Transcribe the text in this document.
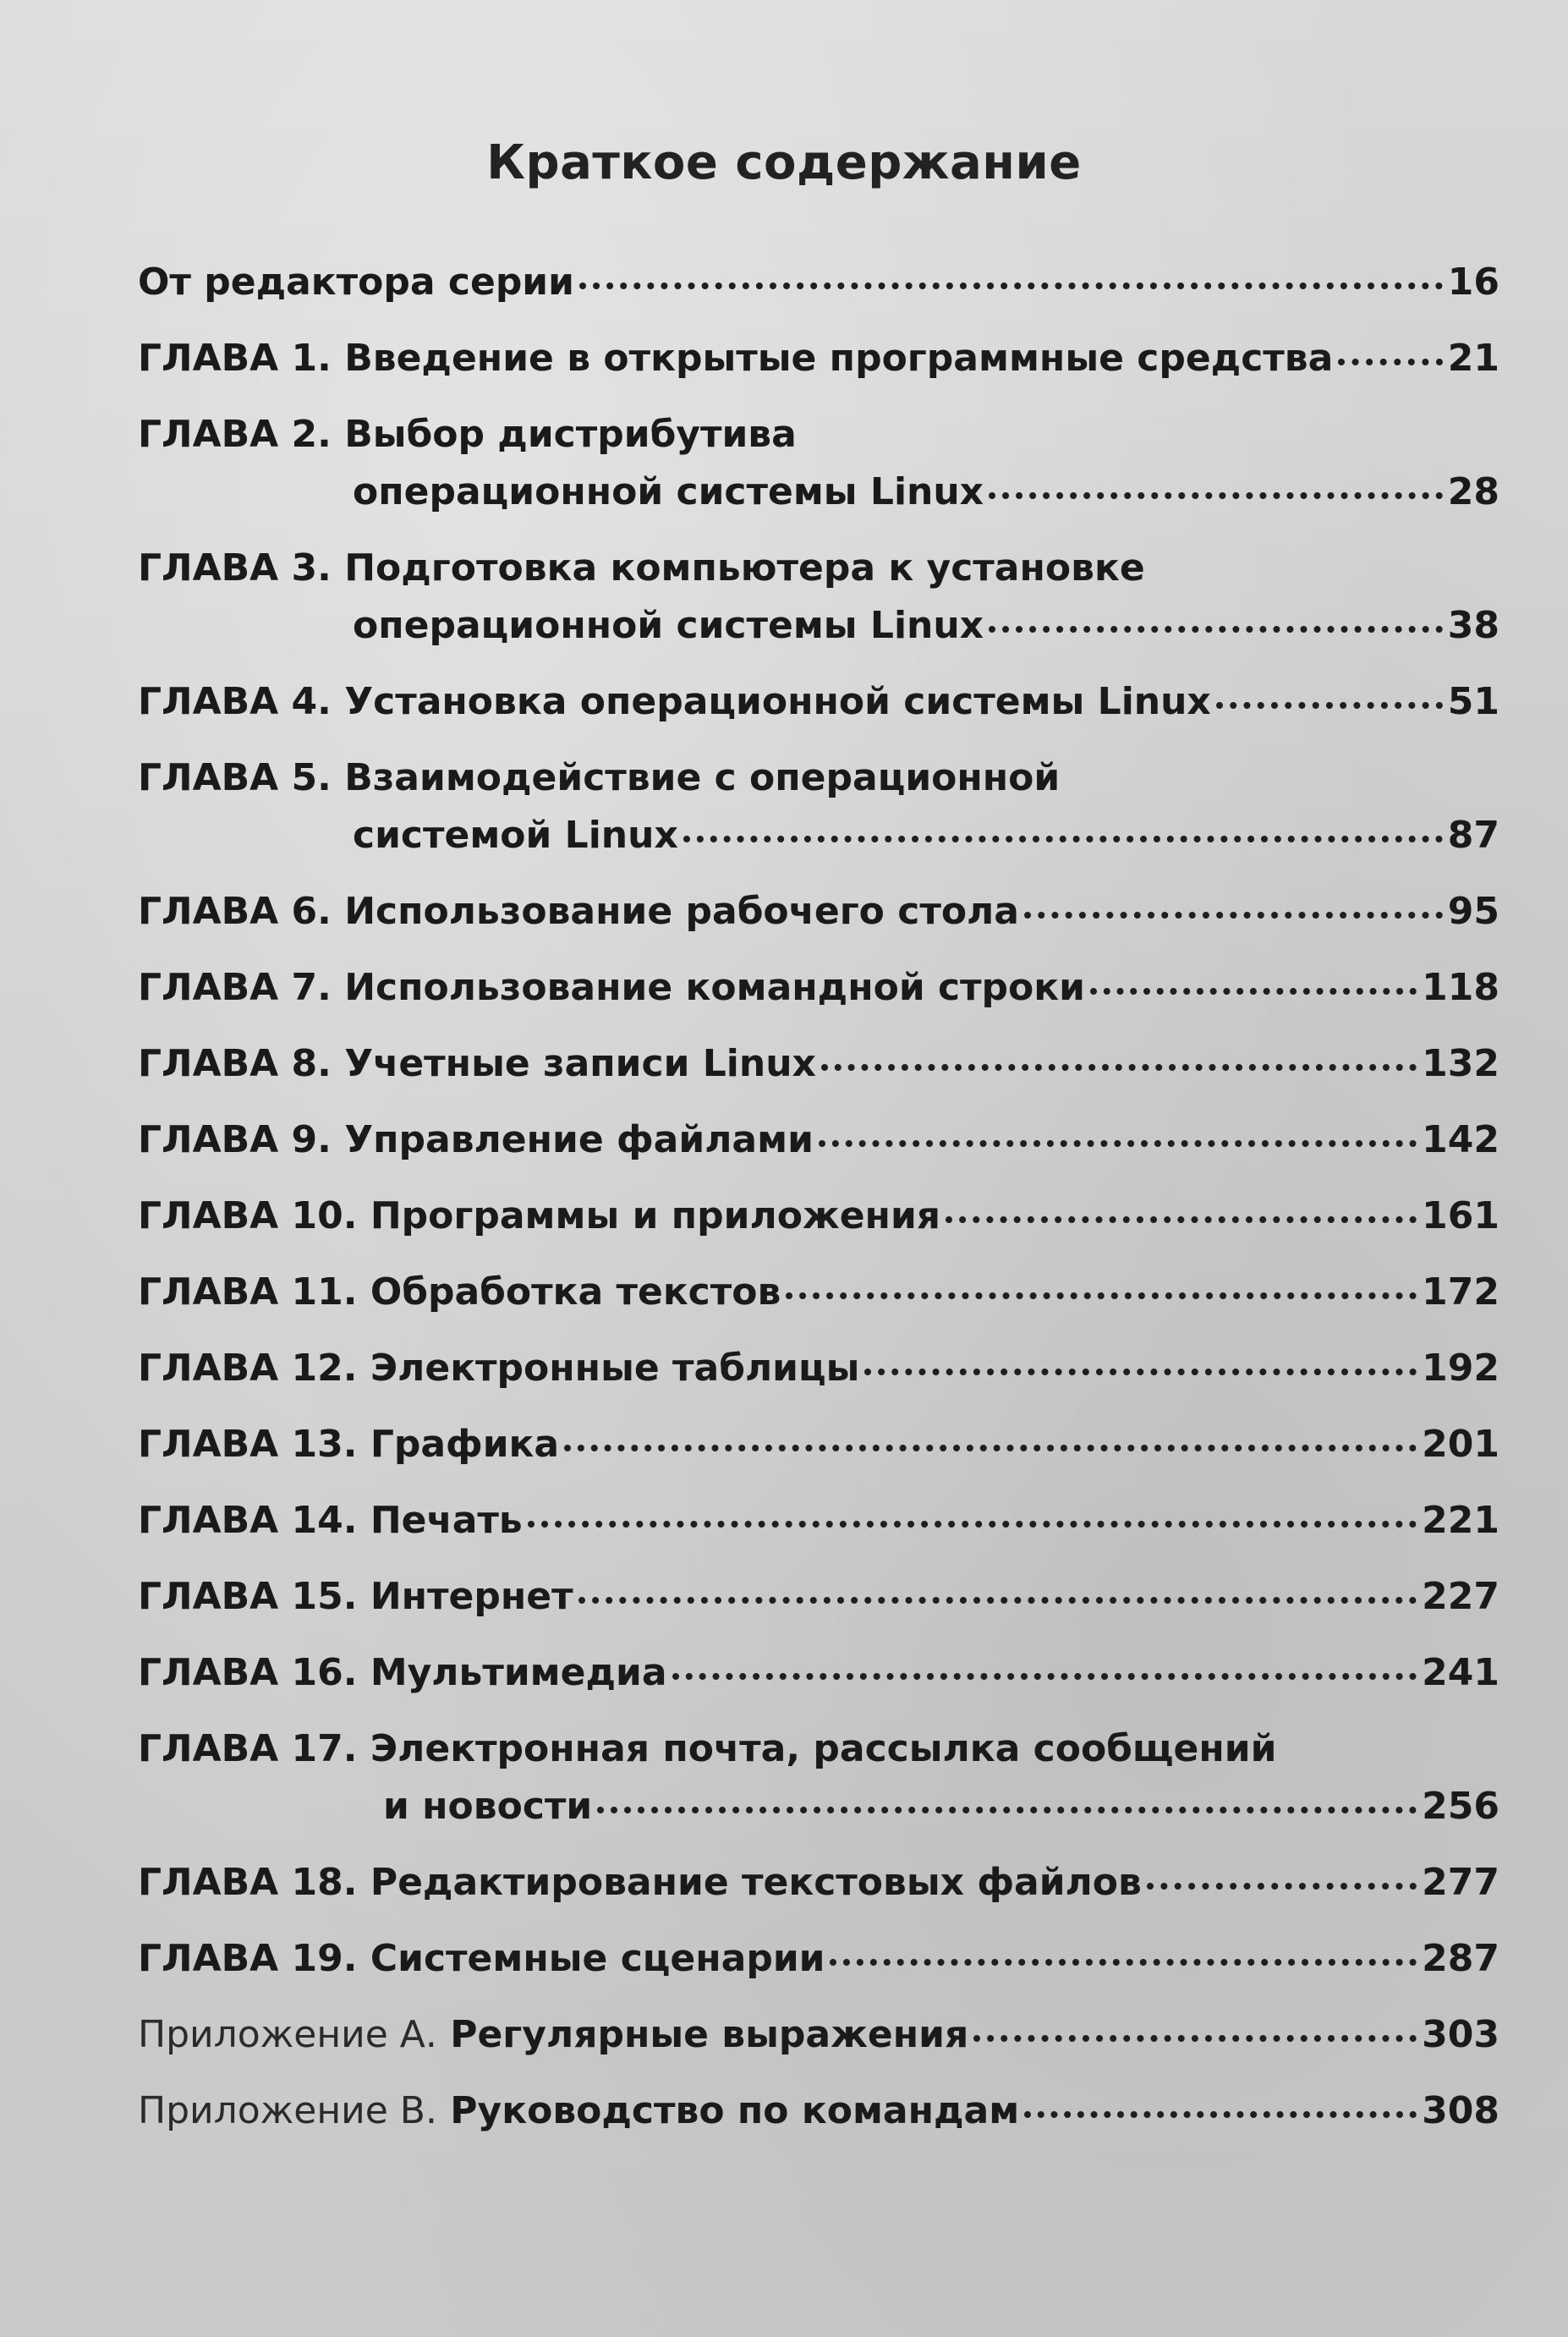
Краткое содержание
От редактора серии	16
ГЛАВА 1. Введение в открытые программные средства	21
ГЛАВА 2. Выбор дистрибутива
операционной системы Linux	28
ГЛАВА 3. Подготовка компьютера к установке
операционной системы Linux	38
ГЛАВА 4. Установка операционной системы Linux	51
ГЛАВА 5. Взаимодействие с операционной
системой Linux	87
ГЛАВА 6. Использование рабочего стола	95
ГЛАВА 7. Использование командной строки	118
ГЛАВА 8. Учетные записи Linux	132
ГЛАВА 9. Управление файлами	142
ГЛАВА 10. Программы и приложения	161
ГЛАВА 11. Обработка текстов	172
ГЛАВА 12. Электронные таблицы	192
ГЛАВА 13. Графика	201
ГЛАВА 14. Печать	221
ГЛАВА 15. Интернет	227
ГЛАВА 16. Мультимедиа	241
ГЛАВА 17. Электронная почта, рассылка сообщений
и новости	256
ГЛАВА 18. Редактирование текстовых файлов	277
ГЛАВА 19. Системные сценарии	287
Приложение А. Регулярные выражения	303
Приложение В. Руководство по командам	308
